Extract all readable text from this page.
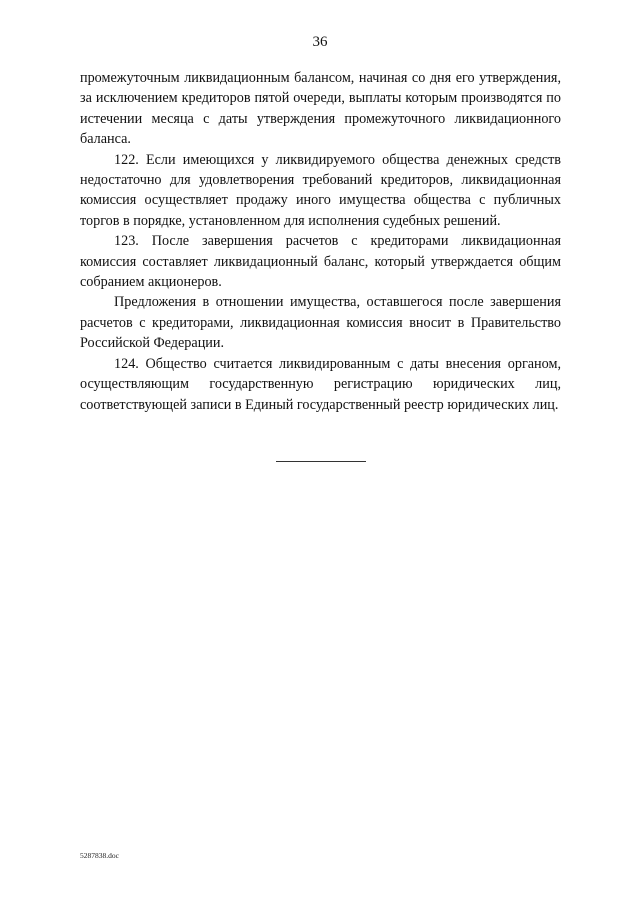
36

промежуточным ликвидационным балансом, начиная со дня его утверждения, за исключением кредиторов пятой очереди, выплаты которым производятся по истечении месяца с даты утверждения промежуточного ликвидационного баланса.

122. Если имеющихся у ликвидируемого общества денежных средств недостаточно для удовлетворения требований кредиторов, ликвидационная комиссия осуществляет продажу иного имущества общества с публичных торгов в порядке, установленном для исполнения судебных решений.

123. После завершения расчетов с кредиторами ликвидационная комиссия составляет ликвидационный баланс, который утверждается общим собранием акционеров.

Предложения в отношении имущества, оставшегося после завершения расчетов с кредиторами, ликвидационная комиссия вносит в Правительство Российской Федерации.

124. Общество считается ликвидированным с даты внесения органом, осуществляющим государственную регистрацию юридических лиц, соответствующей записи в Единый государственный реестр юридических лиц.

5287838.doc
